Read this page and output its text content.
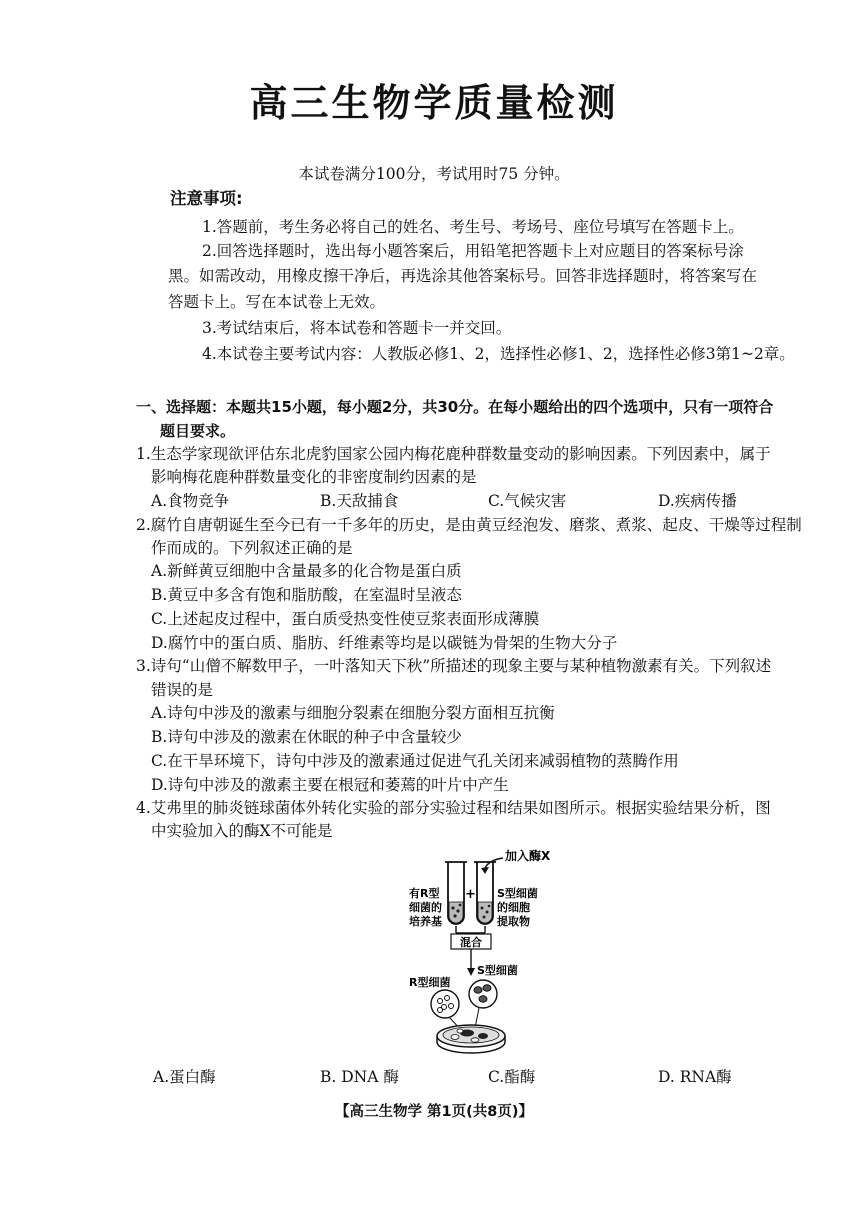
高三生物学质量检测
本试卷满分100分，考试用时75 分钟。
注意事项:
1.答题前，考生务必将自己的姓名、考生号、考场号、座位号填写在答题卡上。
2.回答选择题时，选出每小题答案后，用铅笔把答题卡上对应题目的答案标号涂
黑。如需改动，用橡皮擦干净后，再选涂其他答案标号。回答非选择题时，将答案写在
答题卡上。写在本试卷上无效。
3.考试结束后，将本试卷和答题卡一并交回。
4.本试卷主要考试内容：人教版必修1、2，选择性必修1、2，选择性必修3第1~2章。
一、选择题：本题共15小题，每小题2分，共30分。在每小题给出的四个选项中，只有一项符合
题目要求。
1.生态学家现欲评估东北虎豹国家公园内梅花鹿种群数量变动的影响因素。下列因素中，属于
影响梅花鹿种群数量变化的非密度制约因素的是
A.食物竞争	B.天敌捕食	C.气候灾害	D.疾病传播
2.腐竹自唐朝诞生至今已有一千多年的历史，是由黄豆经泡发、磨浆、煮浆、起皮、干燥等过程制
作而成的。下列叙述正确的是
A.新鲜黄豆细胞中含量最多的化合物是蛋白质
B.黄豆中多含有饱和脂肪酸，在室温时呈液态
C.上述起皮过程中，蛋白质受热变性使豆浆表面形成薄膜
D.腐竹中的蛋白质、脂肪、纤维素等均是以碳链为骨架的生物大分子
3.诗句“山僧不解数甲子，一叶落知天下秋”所描述的现象主要与某种植物激素有关。下列叙述
错误的是
A.诗句中涉及的激素与细胞分裂素在细胞分裂方面相互抗衡
B.诗句中涉及的激素在休眠的种子中含量较少
C.在干旱环境下，诗句中涉及的激素通过促进气孔关闭来减弱植物的蒸腾作用
D.诗句中涉及的激素主要在根冠和萎蔫的叶片中产生
4.艾弗里的肺炎链球菌体外转化实验的部分实验过程和结果如图所示。根据实验结果分析，图
中实验加入的酶X不可能是
加入酶X
有R型
细菌的
培养基
+ S型细菌
的细胞
提取物
混合
S型细菌
R型细菌
A.蛋白酶	B. DNA 酶	C.酯酶	D. RNA酶
【高三生物学 第1页(共8页)】
